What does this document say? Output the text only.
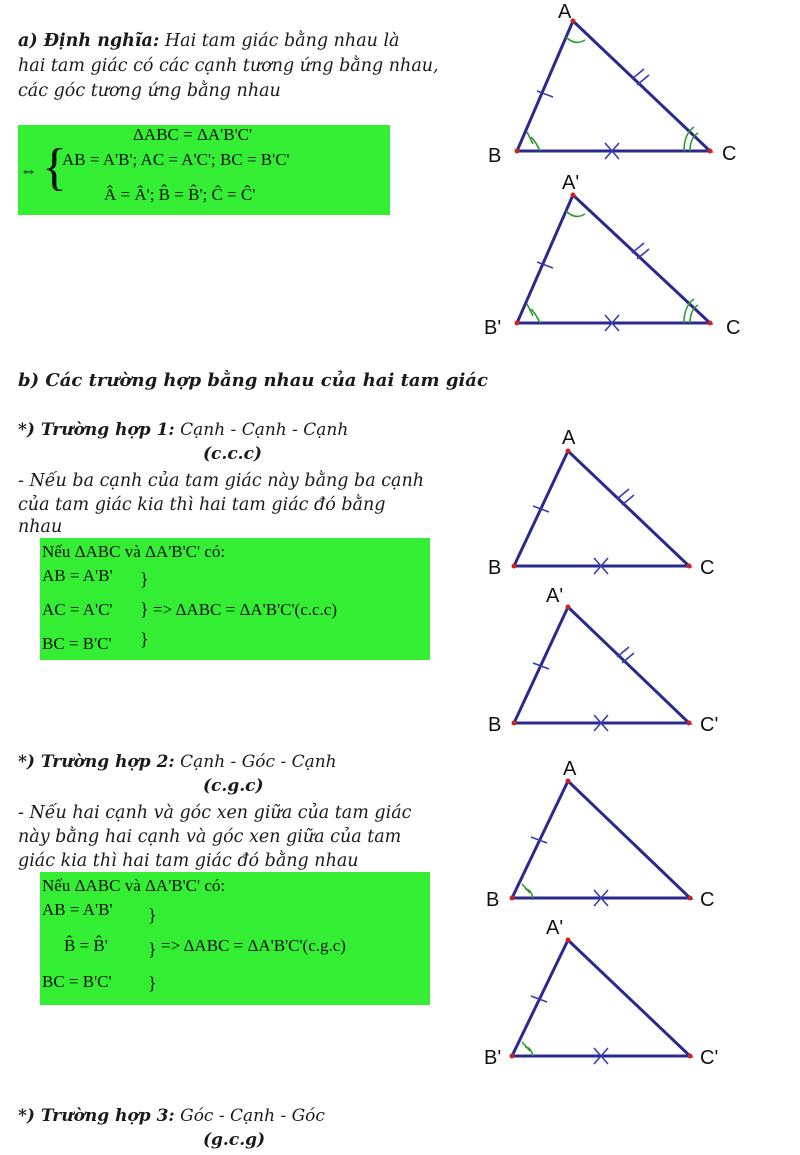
a) Định nghĩa: Hai tam giác bằng nhau là

hai tam giác có các cạnh tương ứng bằng nhau,

các góc tương ứng bằng nhau

ΔABC = ΔA'B'C'
⇔ {
AB = A'B'; AC = A'C'; BC = B'C'
Â = Â'; B̂ = B̂'; Ĉ = Ĉ'

b) Các trường hợp bằng nhau của hai tam giác

*) Trường hợp 1: Cạnh - Cạnh - Cạnh

(c.c.c)

- Nếu ba cạnh của tam giác này bằng ba cạnh

của tam giác kia thì hai tam giác đó bằng

nhau

Nếu ΔABC và ΔA'B'C' có:
AB = A'B'
AC = A'C'
BC = B'C'
}
}
}
=> ΔABC = ΔA'B'C'(c.c.c)

*) Trường hợp 2: Cạnh - Góc - Cạnh

(c.g.c)

- Nếu hai cạnh và góc xen giữa của tam giác

này bằng hai cạnh và góc xen giữa của tam

giác kia thì hai tam giác đó bằng nhau

Nếu ΔABC và ΔA'B'C' có:
AB = A'B'
B̂ = B̂'
BC = B'C'
}
}
}
=> ΔABC = ΔA'B'C'(c.g.c)

*) Trường hợp 3: Góc - Cạnh - Góc

(g.c.g)

A
B	C
A'
B'	C
A
B	C
A'
B	C'
A
B	C
A'
B'	C'
